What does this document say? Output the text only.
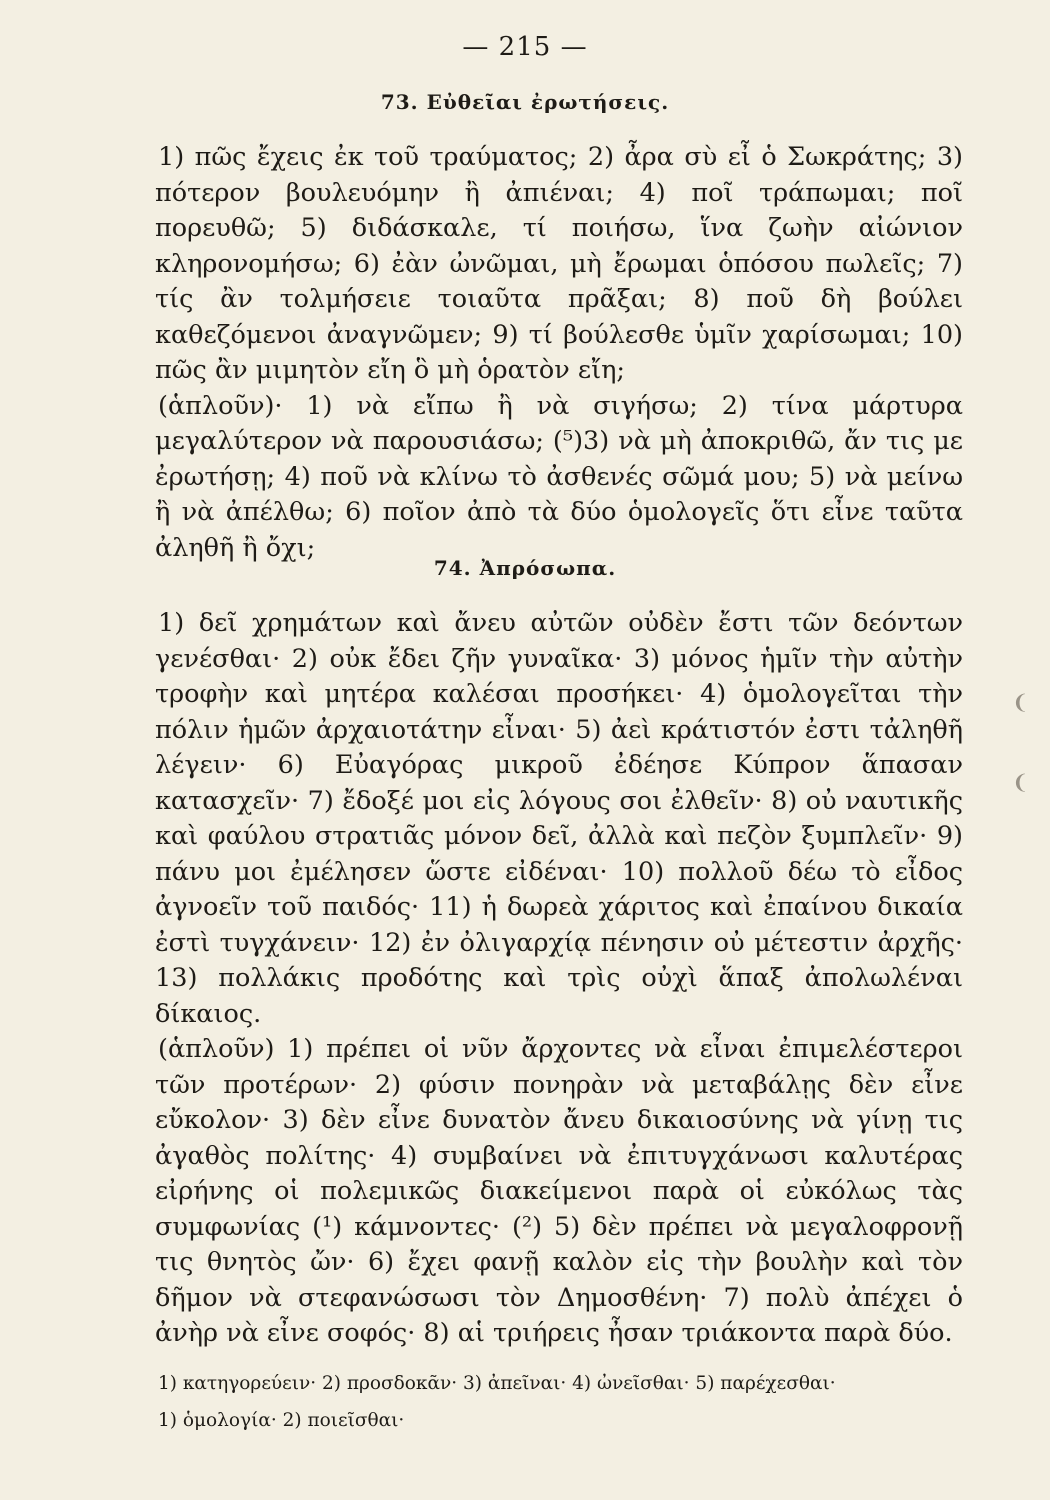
— 215 —
73. Εὐθεῖαι ἐρωτήσεις.

1) πῶς ἔχεις ἐκ τοῦ τραύματος; 2) ἆρα σὺ εἶ ὁ Σωκράτης; 3) πότερον βουλευόμην ἢ ἀπιέναι; 4) ποῖ τράπωμαι; ποῖ πορευθῶ; 5) διδάσκαλε, τί ποιήσω, ἵνα ζωὴν αἰώνιον κληρονομήσω; 6) ἐὰν ὠνῶμαι, μὴ ἔρωμαι ὁπόσου πωλεῖς; 7) τίς ἂν τολμήσειε τοιαῦτα πρᾶξαι; 8) ποῦ δὴ βούλει καθεζόμενοι ἀναγνῶμεν; 9) τί βούλεσθε ὑμῖν χαρίσωμαι; 10) πῶς ἂν μιμητὸν εἴη ὃ μὴ ὁρατὸν εἴη;

(ἁπλοῦν)· 1) νὰ εἴπω ἢ νὰ σιγήσω; 2) τίνα μάρτυρα μεγαλύτερον νὰ παρουσιάσω; (⁵)3) νὰ μὴ ἀποκριθῶ, ἄν τις με ἐρωτήσῃ; 4) ποῦ νὰ κλίνω τὸ ἀσθενές σῶμά μου; 5) νὰ μείνω ἢ νὰ ἀπέλθω; 6) ποῖον ἀπὸ τὰ δύο ὁμολογεῖς ὅτι εἶνε ταῦτα ἀληθῆ ἢ ὄχι;

74. Ἀπρόσωπα.

1) δεῖ χρημάτων καὶ ἄνευ αὐτῶν οὐδὲν ἔστι τῶν δεόντων γενέσθαι· 2) οὐκ ἔδει ζῆν γυναῖκα· 3) μόνος ἡμῖν τὴν αὐτὴν τροφὴν καὶ μητέρα καλέσαι προσήκει· 4) ὁμολογεῖται τὴν πόλιν ἡμῶν ἀρχαιοτάτην εἶναι· 5) ἀεὶ κράτιστόν ἐστι τἀληθῆ λέγειν· 6) Εὐαγόρας μικροῦ ἐδέησε Κύπρον ἅπασαν κατασχεῖν· 7) ἔδοξέ μοι εἰς λόγους σοι ἐλθεῖν· 8) οὐ ναυτικῆς καὶ φαύλου στρατιᾶς μόνον δεῖ, ἀλλὰ καὶ πεζὸν ξυμπλεῖν· 9) πάνυ μοι ἐμέλησεν ὥστε εἰδέναι· 10) πολλοῦ δέω τὸ εἶδος ἀγνοεῖν τοῦ παιδός· 11) ἡ δωρεὰ χάριτος καὶ ἐπαίνου δικαία ἐστὶ τυγχάνειν· 12) ἐν ὀλιγαρχίᾳ πένησιν οὐ μέτεστιν ἀρχῆς· 13) πολλάκις προδότης καὶ τρὶς οὐχὶ ἅπαξ ἀπολωλέναι δίκαιος.

(ἁπλοῦν) 1) πρέπει οἱ νῦν ἄρχοντες νὰ εἶναι ἐπιμελέστεροι τῶν προτέρων· 2) φύσιν πονηρὰν νὰ μεταβάλῃς δὲν εἶνε εὔκολον· 3) δὲν εἶνε δυνατὸν ἄνευ δικαιοσύνης νὰ γίνῃ τις ἀγαθὸς πολίτης· 4) συμβαίνει νὰ ἐπιτυγχάνωσι καλυτέρας εἰρήνης οἱ πολεμικῶς διακείμενοι παρὰ οἱ εὐκόλως τὰς συμφωνίας (¹) κάμνοντες· (²) 5) δὲν πρέπει νὰ μεγαλοφρονῇ τις θνητὸς ὤν· 6) ἔχει φανῇ καλὸν εἰς τὴν βουλὴν καὶ τὸν δῆμον νὰ στεφανώσωσι τὸν Δημοσθένη· 7) πολὺ ἀπέχει ὁ ἀνὴρ νὰ εἶνε σοφός· 8) αἱ τριήρεις ἦσαν τριάκοντα παρὰ δύο.

1) κατηγορεύειν· 2) προσδοκᾶν· 3) ἀπεῖναι· 4) ὠνεῖσθαι· 5) παρέχεσθαι·
1) ὁμολογία· 2) ποιεῖσθαι·
❨
❨
